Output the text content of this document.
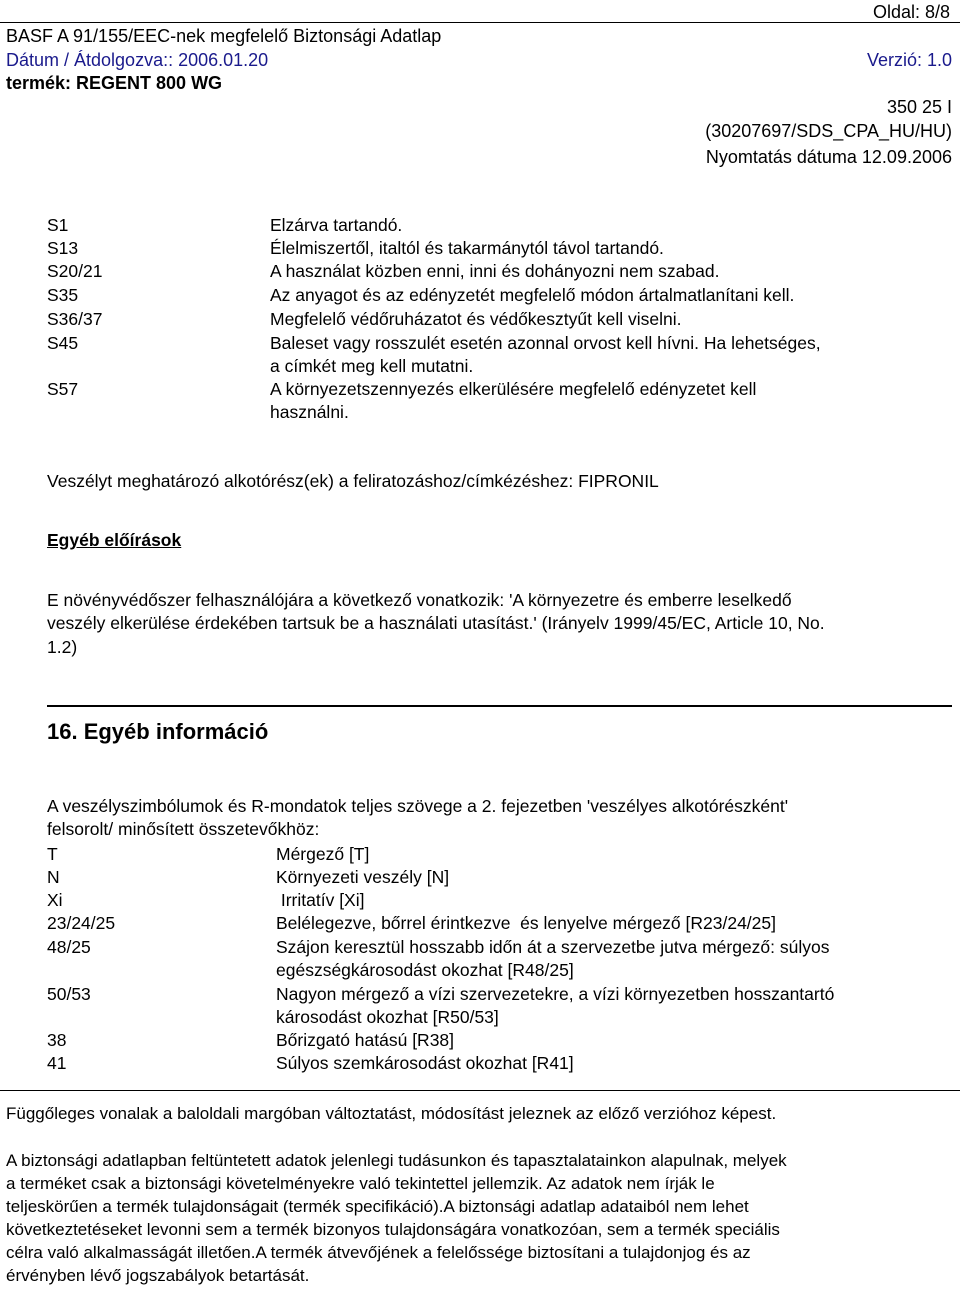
Oldal: 8/8
BASF A 91/155/EEC-nek megfelelő Biztonsági Adatlap
Dátum / Átdolgozva:: 2006.01.20	Verzió: 1.0
termék: REGENT 800 WG
350 25 I
(30207697/SDS_CPA_HU/HU)
Nyomtatás dátuma 12.09.2006
S1	Elzárva tartandó.
S13	Élelmiszertől, italtól és takarmánytól távol tartandó.
S20/21	A használat közben enni, inni és dohányozni nem szabad.
S35	Az anyagot és az edényzetét megfelelő módon ártalmatlanítani kell.
S36/37	Megfelelő védőruházatot és védőkesztyűt kell viselni.
S45	Baleset vagy rosszulét esetén azonnal orvost kell hívni. Ha lehetséges,
a címkét meg kell mutatni.
S57	A környezetszennyezés elkerülésére megfelelő edényzetet kell
használni.
Veszélyt meghatározó alkotórész(ek) a feliratozáshoz/címkézéshez: FIPRONIL
Egyéb előírások
E növényvédőszer felhasználójára a következő vonatkozik: 'A környezetre és emberre leselkedő
veszély elkerülése érdekében tartsuk be a használati utasítást.' (Irányelv 1999/45/EC, Article 10, No.
1.2)
16. Egyéb információ
A veszélyszimbólumok és R-mondatok teljes szövege a 2. fejezetben 'veszélyes alkotórészként'
felsorolt/ minősített összetevőkhöz:
T	Mérgező [T]
N	Környezeti veszély [N]
Xi	Irritatív [Xi]
23/24/25	Belélegezve, bőrrel érintkezve  és lenyelve mérgező [R23/24/25]
48/25	Szájon keresztül hosszabb időn át a szervezetbe jutva mérgező: súlyos
egészségkárosodást okozhat [R48/25]
50/53	Nagyon mérgező a vízi szervezetekre, a vízi környezetben hosszantartó
károsodást okozhat [R50/53]
38	Bőrizgató hatású [R38]
41	Súlyos szemkárosodást okozhat [R41]
Függőleges vonalak a baloldali margóban változtatást, módosítást jeleznek az előző verzióhoz képest.
A biztonsági adatlapban feltüntetett adatok jelenlegi tudásunkon és tapasztalatainkon alapulnak, melyek
a terméket csak a biztonsági követelményekre való tekintettel jellemzik. Az adatok nem írják le
teljeskörűen a termék tulajdonságait (termék specifikáció).A biztonsági adatlap adataiból nem lehet
következtetéseket levonni sem a termék bizonyos tulajdonságára vonatkozóan, sem a termék speciális
célra való alkalmasságát illetően.A termék átvevőjének a felelőssége biztosítani a tulajdonjog és az
érvényben lévő jogszabályok betartását.
